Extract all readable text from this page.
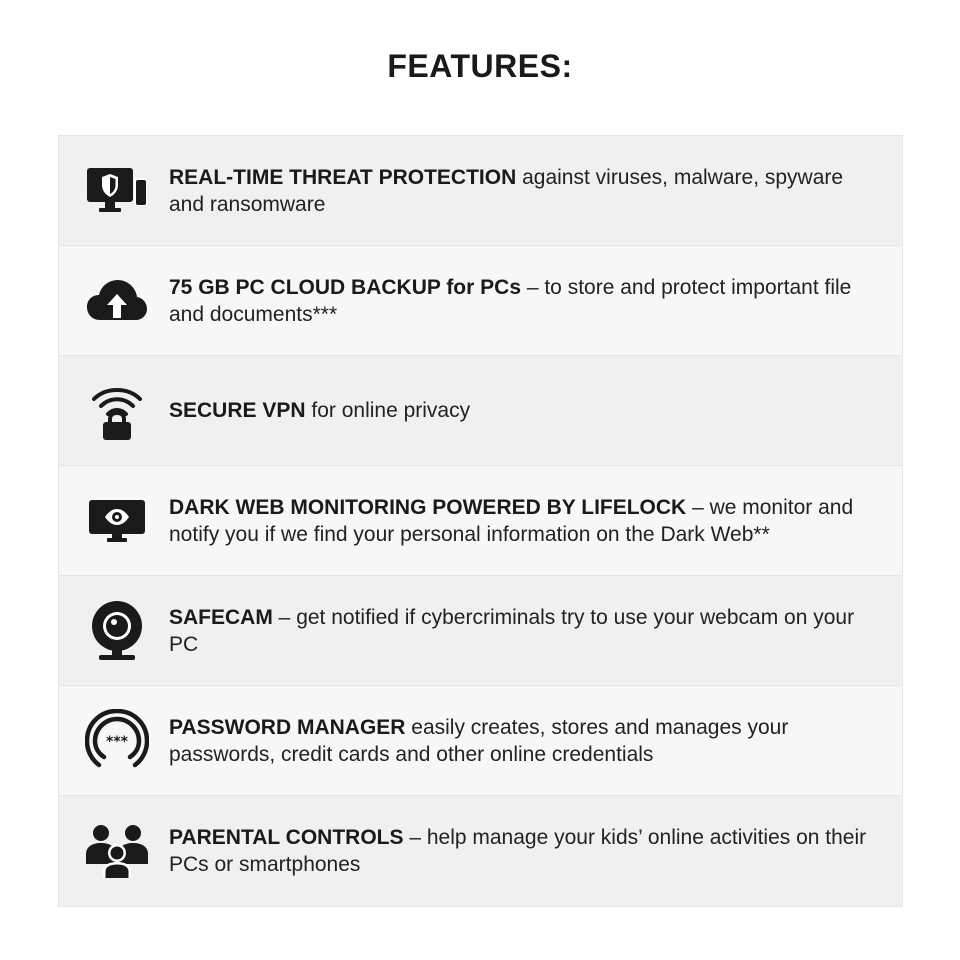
FEATURES:
REAL-TIME THREAT PROTECTION against viruses, malware, spyware and ransomware
75 GB PC CLOUD BACKUP for PCs – to store and protect important file and documents***
SECURE VPN for online privacy
DARK WEB MONITORING POWERED BY LIFELOCK – we monitor and notify you if we find your personal information on the Dark Web**
SAFECAM – get notified if cybercriminals try to use your webcam on your PC
***
PASSWORD MANAGER easily creates, stores and manages your passwords, credit cards and other online credentials
PARENTAL CONTROLS – help manage your kids’ online activities on their PCs or smartphones
